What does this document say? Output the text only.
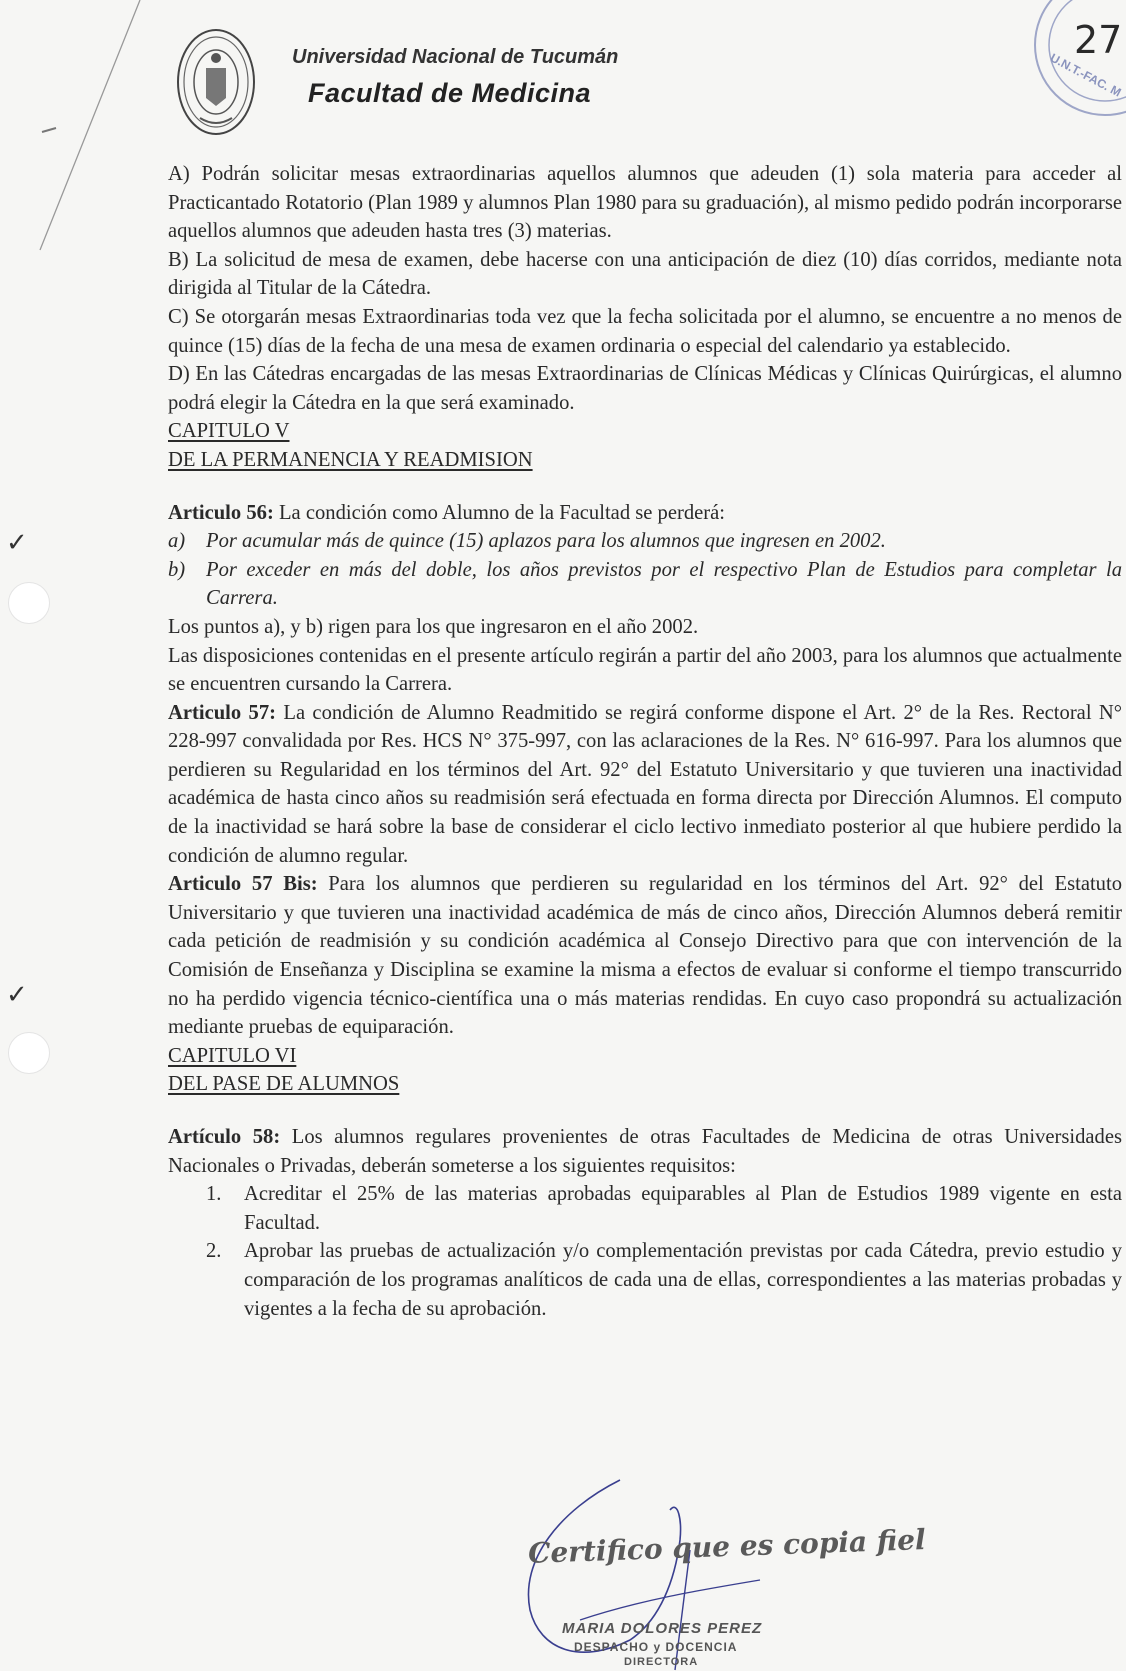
Universidad Nacional de Tucumán
Facultad de Medicina	U.N.T.-FAC. M
27
✓
✓

A) Podrán solicitar mesas extraordinarias aquellos alumnos que adeuden (1) sola materia para acceder al Practicantado Rotatorio (Plan 1989 y alumnos Plan 1980 para su graduación), al mismo pedido podrán incorporarse aquellos alumnos que adeuden hasta tres (3) materias.

B) La solicitud de mesa de examen, debe hacerse con una anticipación de diez (10) días corridos, mediante nota dirigida al Titular de la Cátedra.

C) Se otorgarán mesas Extraordinarias toda vez que la fecha solicitada por el alumno, se encuentre a no menos de quince (15) días de la fecha de una mesa de examen ordinaria o especial del calendario ya establecido.

D) En las Cátedras encargadas de las mesas Extraordinarias de Clínicas Médicas y Clínicas Quirúrgicas, el alumno podrá elegir la Cátedra en la que será examinado.

CAPITULO V

DE LA PERMANENCIA Y READMISION

Articulo 56: La condición como Alumno de la Facultad se perderá:

a)	Por acumular más de quince (15) aplazos para los alumnos que ingresen en 2002.
b)	Por exceder en más del doble, los años previstos por el respectivo Plan de Estudios para completar la Carrera.

Los puntos a), y b) rigen para los que ingresaron en el año 2002.

Las disposiciones contenidas en el presente artículo regirán a partir del año 2003, para los alumnos que actualmente se encuentren cursando la Carrera.

Articulo 57: La condición de Alumno Readmitido se regirá conforme dispone el Art. 2° de la Res. Rectoral N° 228-997 convalidada por Res. HCS N° 375-997, con las aclaraciones de la Res. N° 616-997. Para los alumnos que perdieren su Regularidad en los términos del Art. 92° del Estatuto Universitario y que tuvieren una inactividad académica de hasta cinco años su readmisión será efectuada en forma directa por Dirección Alumnos. El computo de la inactividad se hará sobre la base de considerar el ciclo lectivo inmediato posterior al que hubiere perdido la condición de alumno regular.

Articulo 57 Bis: Para los alumnos que perdieren su regularidad en los términos del Art. 92° del Estatuto Universitario y que tuvieren una inactividad académica de más de cinco años, Dirección Alumnos deberá remitir cada petición de readmisión y su condición académica al Consejo Directivo para que con intervención de la Comisión de Enseñanza y Disciplina se examine la misma a efectos de evaluar si conforme el tiempo transcurrido no ha perdido vigencia técnico-científica una o más materias rendidas. En cuyo caso propondrá su actualización mediante pruebas de equiparación.

CAPITULO VI

DEL PASE DE ALUMNOS

Artículo 58: Los alumnos regulares provenientes de otras Facultades de Medicina de otras Universidades Nacionales o Privadas, deberán someterse a los siguientes requisitos:

1.	Acreditar el 25% de las materias aprobadas equiparables al Plan de Estudios 1989 vigente en esta Facultad.
2.	Aprobar las pruebas de actualización y/o complementación previstas por cada Cátedra, previo estudio y comparación de los programas analíticos de cada una de ellas, correspondientes a las materias probadas y vigentes a la fecha de su aprobación.
Certifico que es copia fiel
MARIA DOLORES PEREZ
DESPACHO y DOCENCIA
DIRECTORA
